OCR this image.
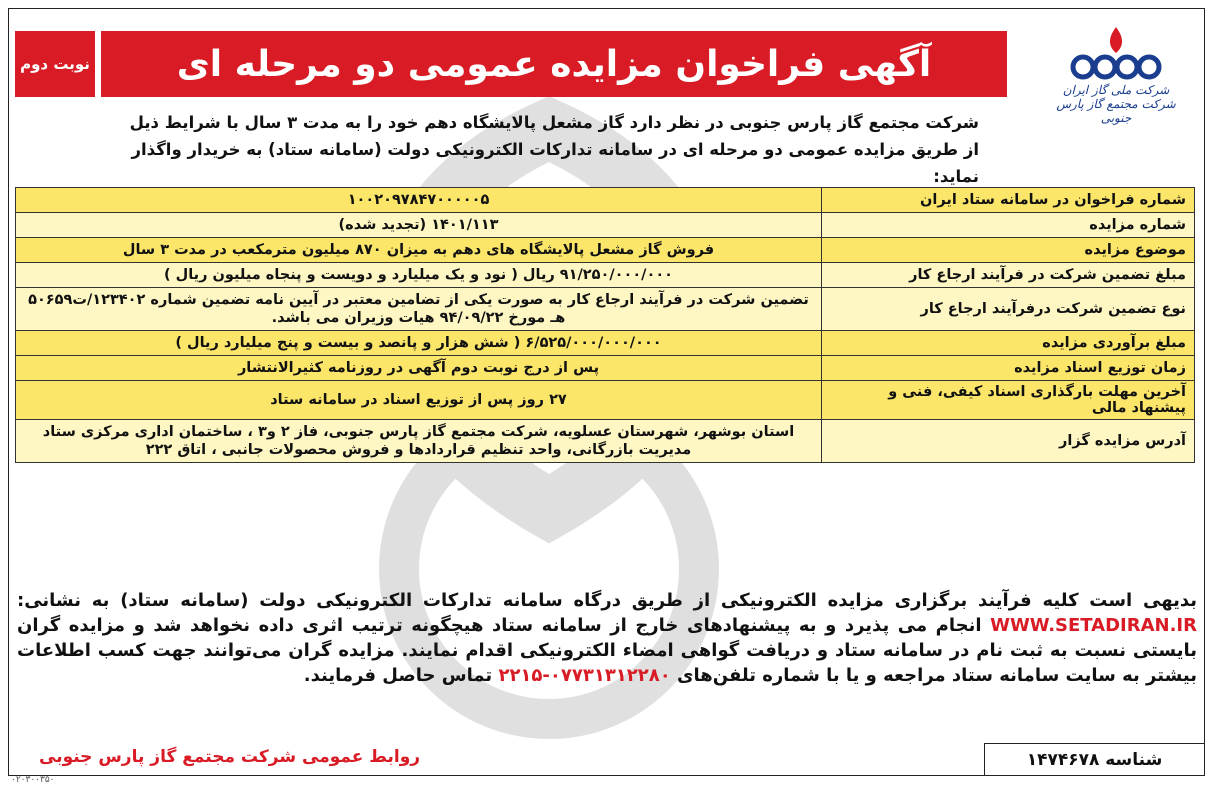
شرکت ملی گاز ایران
شرکت مجتمع گاز پارس جنوبی
آگهی فراخوان مزایده عمومی دو مرحله ای
نوبت دوم
شرکت مجتمع گاز پارس جنوبی در نظر دارد گاز مشعل پالایشگاه دهم خود را به مدت ۳ سال با شرایط ذیل از طریق مزایده عمومی دو مرحله ای در سامانه تدارکات الکترونیکی دولت (سامانه ستاد) به خریدار واگذار نماید:
شماره فراخوان در سامانه ستاد ایران	۱۰۰۲۰۹۷۸۴۷۰۰۰۰۰۵
شماره مزایده	۱۴۰۱/۱۱۳ (تجدید شده)
موضوع مزایده	فروش گاز مشعل پالایشگاه های دهم به میزان ۸۷۰ میلیون مترمکعب در مدت ۳ سال
مبلغ تضمین شرکت در فرآیند ارجاع کار	۹۱/۲۵۰/۰۰۰/۰۰۰ ریال ( نود و یک میلیارد و دویست و پنجاه میلیون ریال )
نوع تضمین شرکت درفرآیند ارجاع کار	تضمین شرکت در فرآیند ارجاع کار به صورت یکی از تضامین معتبر در آیین نامه تضمین شماره ۱۲۳۴۰۲/ت۵۰۶۵۹ هـ مورخ ۹۴/۰۹/۲۲ هیات وزیران می باشد.
مبلغ برآوردی مزایده	۶/۵۲۵/۰۰۰/۰۰۰/۰۰۰ ( شش هزار و پانصد و بیست و پنج میلیارد ریال )
زمان توزیع اسناد مزایده	پس از درج نوبت دوم آگهی در روزنامه کثیرالانتشار
آخرین مهلت بارگذاری اسناد کیفی، فنی و پیشنهاد مالی	۲۷ روز پس از توزیع اسناد در سامانه ستاد
آدرس مزایده گزار	استان بوشهر، شهرستان عسلویه، شرکت مجتمع گاز پارس جنوبی، فاز ۲ و۳ ، ساختمان اداری مرکزی ستاد مدیریت بازرگانی، واحد تنظیم قراردادها و فروش محصولات جانبی ، اتاق ۲۲۲
بدیهی است کلیه فرآیند برگزاری مزایده الکترونیکی از طریق درگاه سامانه تدارکات الکترونیکی دولت (سامانه ستاد) به نشانی: WWW.SETADIRAN.IR انجام می پذیرد و به پیشنهادهای خارج از سامانه ستاد هیچگونه ترتیب اثری داده نخواهد شد و مزایده گران بایستی نسبت به ثبت نام در سامانه ستاد و دریافت گواهی امضاء الکترونیکی اقدام نمایند. مزایده گران می‌توانند جهت کسب اطلاعات بیشتر به سایت سامانه ستاد مراجعه و یا با شماره تلفن‌های ۰۷۷۳۱۳۱۲۲۸۰-۲۲۱۵ تماس حاصل فرمایند.
روابط عمومی شرکت مجتمع گاز پارس جنوبی	شناسه

۱۴۷۴۶۷۸
۰۲۰۳۰۰۳۵۰
